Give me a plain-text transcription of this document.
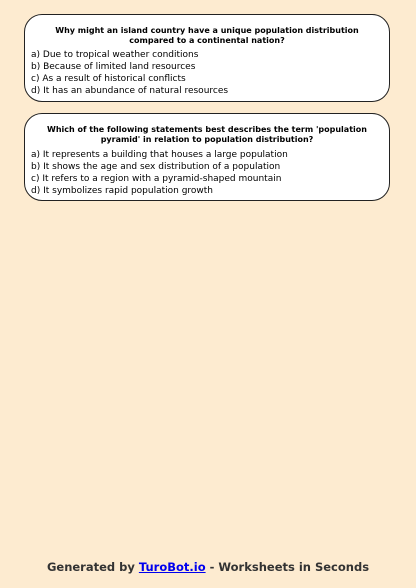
Why might an island country have a unique population distribution compared to a continental nation?

a) Due to tropical weather conditions
b) Because of limited land resources
c) As a result of historical conflicts
d) It has an abundance of natural resources

Which of the following statements best describes the term 'population pyramid' in relation to population distribution?

a) It represents a building that houses a large population
b) It shows the age and sex distribution of a population
c) It refers to a region with a pyramid-shaped mountain
d) It symbolizes rapid population growth
Generated by TuroBot.io - Worksheets in Seconds
